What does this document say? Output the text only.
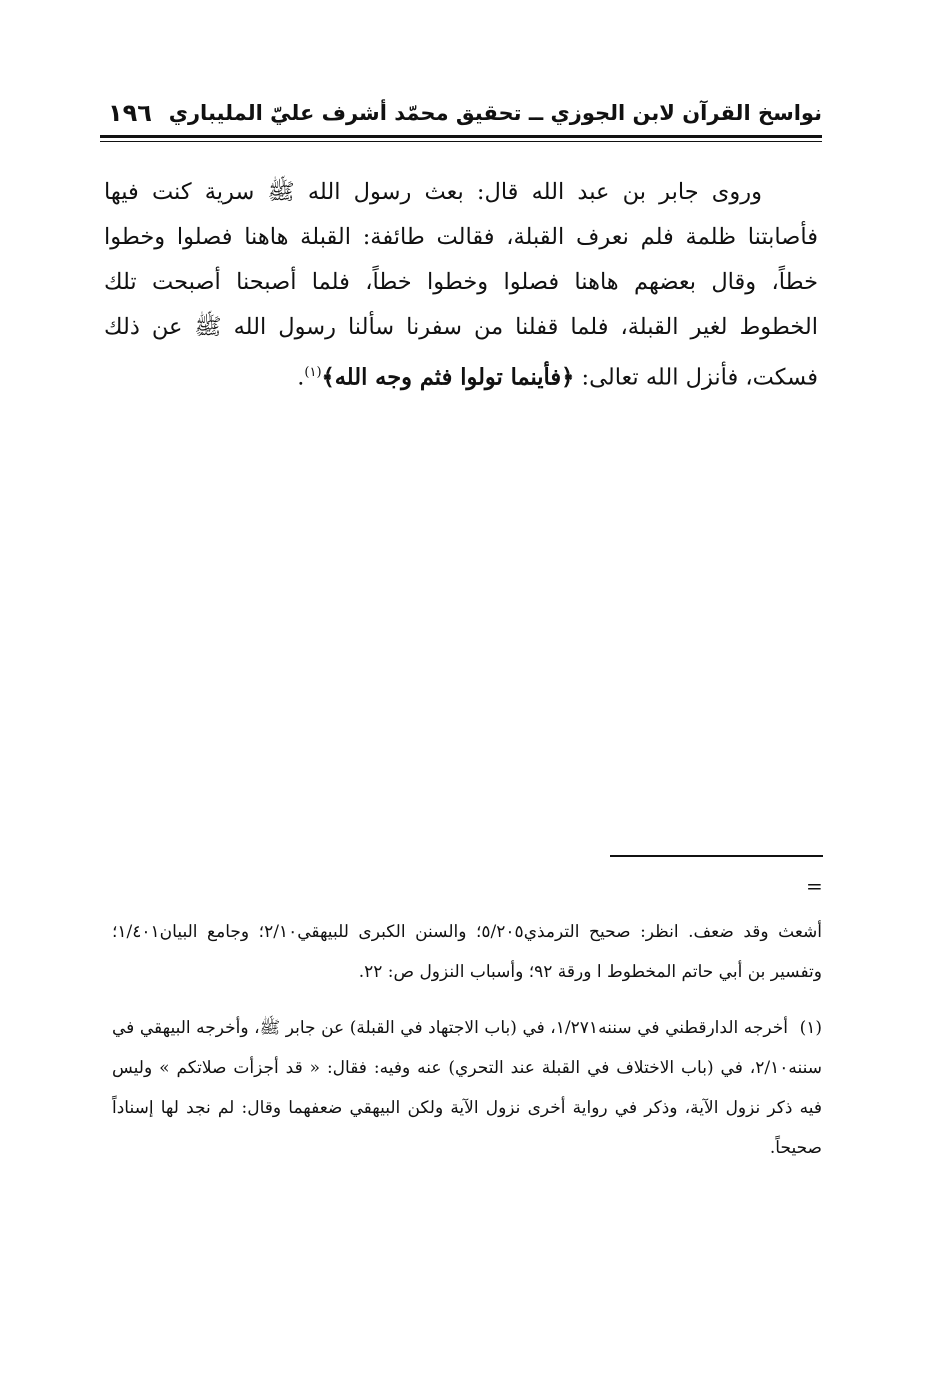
نواسخ القرآن لابن الجوزي ــ تحقيق محمّد أشرف عليّ المليباري
١٩٦

وروى جابر بن عبد الله قال: بعث رسول الله ﷺ سرية كنت فيها فأصابتنا ظلمة فلم نعرف القبلة، فقالت طائفة: القبلة هاهنا فصلوا وخطوا خطاً، وقال بعضهم هاهنا فصلوا وخطوا خطاً، فلما أصبحنا أصبحت تلك الخطوط لغير القبلة، فلما قفلنا من سفرنا سألنا رسول الله ﷺ عن ذلك فسكت، فأنزل الله تعالى: ﴿فأينما تولوا فثم وجه الله﴾$^{(١)}$.

=

أشعث وقد ضعف. انظر: صحيح الترمذي٥/٢٠٥؛ والسنن الكبرى للبيهقي٢/١٠؛ وجامع البيان١/٤٠١؛ وتفسير بن أبي حاتم المخطوط ا ورقة ٩٢؛ وأسباب النزول ص: ٢٢.

(١) أخرجه الدارقطني في سننه١/٢٧١، في (باب الاجتهاد في القبلة) عن جابر ﷺ، وأخرجه البيهقي في سننه٢/١٠، في (باب الاختلاف في القبلة عند التحري) عنه وفيه: فقال: « قد أجزأت صلاتكم » وليس فيه ذكر نزول الآية، وذكر في رواية أخرى نزول الآية ولكن البيهقي ضعفهما وقال: لم نجد لها إسناداً صحيحاً.
